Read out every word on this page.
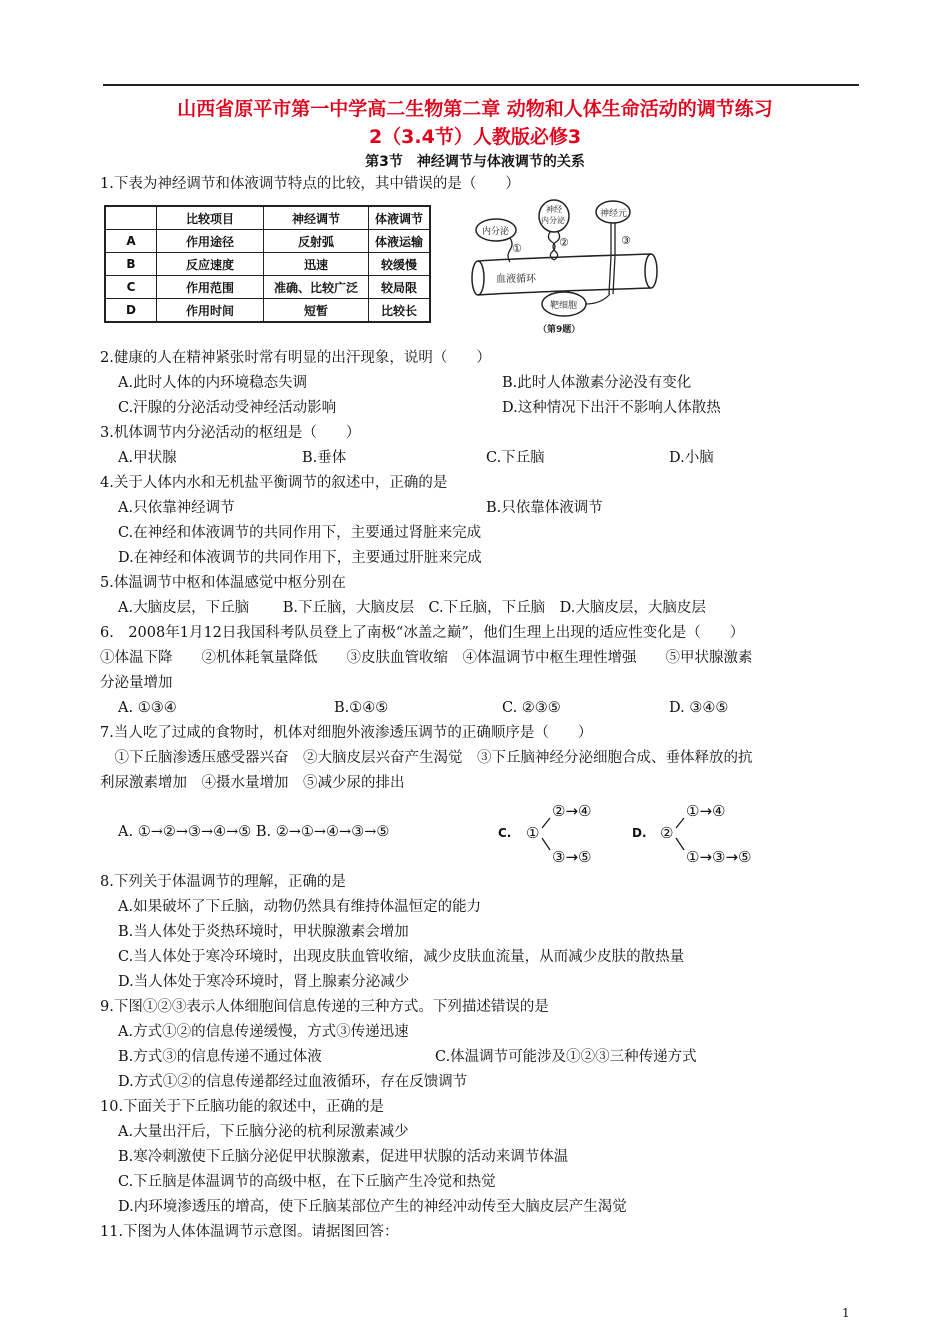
山西省原平市第一中学高二生物第二章 动物和人体生命活动的调节练习
2（3.4节）人教版必修3
第3节　神经调节与体液调节的关系
1.下表为神经调节和体液调节特点的比较，其中错误的是（　　）
	比较项目	神经调节	体液调节
A	作用途径	反射弧	体液运输
B	反应速度	迅速	较缓慢
C	作用范围	准确、比较广泛	较局限
D	作用时间	短暂	比较长
血液循环
内分泌
①
神经
内分泌
②
神经元
③
靶细胞
（第9题）
2.健康的人在精神紧张时常有明显的出汗现象，说明（　　）
A.此时人体的内环境稳态失调	B.此时人体激素分泌没有变化
C.汗腺的分泌活动受神经活动影响	D.这种情况下出汗不影响人体散热
3.机体调节内分泌活动的枢纽是（　　）
A.甲状腺	B.垂体	C.下丘脑	D.小脑
4.关于人体内水和无机盐平衡调节的叙述中，正确的是
A.只依靠神经调节	B.只依靠体液调节
C.在神经和体液调节的共同作用下，主要通过肾脏来完成
D.在神经和体液调节的共同作用下，主要通过肝脏来完成
5.体温调节中枢和体温感觉中枢分别在
A.大脑皮层，下丘脑　　 B.下丘脑，大脑皮层　C.下丘脑，下丘脑　D.大脑皮层，大脑皮层
6.　2008年1月12日我国科考队员登上了南极“冰盖之巅”，他们生理上出现的适应性变化是（　　）
①体温下降　　②机体耗氧量降低　　③皮肤血管收缩　④体温调节中枢生理性增强　　⑤甲状腺激素
分泌量增加
A. ①③④	B.①④⑤	C. ②③⑤	D. ③④⑤
7.当人吃了过咸的食物时，机体对细胞外液渗透压调节的正确顺序是（　　）
　①下丘脑渗透压感受器兴奋　②大脑皮层兴奋产生渴觉　③下丘脑神经分泌细胞合成、垂体释放的抗
利尿激素增加　④摄水量增加　⑤减少尿的排出
A. ①→②→③→④→⑤ B. ②→①→④→③→⑤	C. ①
②→④
③→⑤
D. ②
①→④
①→③→⑤
8.下列关于体温调节的理解，正确的是
A.如果破坏了下丘脑，动物仍然具有维持体温恒定的能力
B.当人体处于炎热环境时，甲状腺激素会增加
C.当人体处于寒冷环境时，出现皮肤血管收缩，减少皮肤血流量，从而减少皮肤的散热量
D.当人体处于寒冷环境时，肾上腺素分泌减少
9.下图①②③表示人体细胞间信息传递的三种方式。下列描述错误的是
A.方式①②的信息传递缓慢，方式③传递迅速
B.方式③的信息传递不通过体液	C.体温调节可能涉及①②③三种传递方式
D.方式①②的信息传递都经过血液循环，存在反馈调节
10.下面关于下丘脑功能的叙述中，正确的是
A.大量出汗后，下丘脑分泌的杭利尿激素减少
B.寒冷刺激使下丘脑分泌促甲状腺激素，促进甲状腺的活动来调节体温
C.下丘脑是体温调节的高级中枢，在下丘脑产生冷觉和热觉
D.内环境渗透压的增高，使下丘脑某部位产生的神经冲动传至大脑皮层产生渴觉
11.下图为人体体温调节示意图。请据图回答：
1
